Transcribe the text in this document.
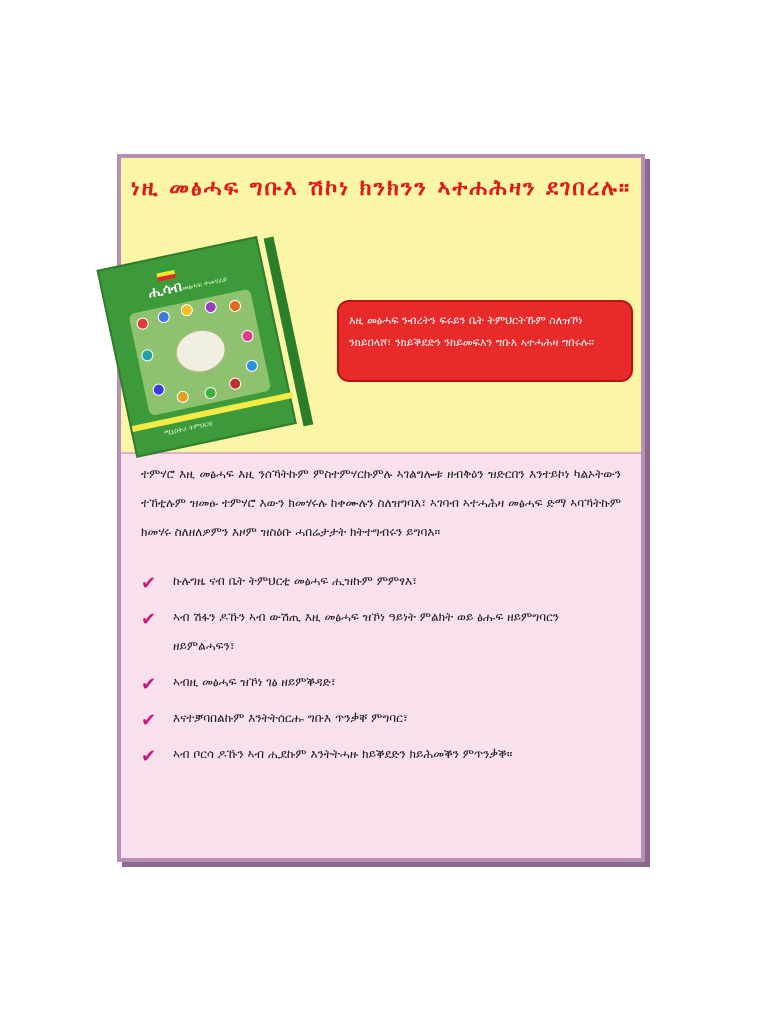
ነዚ መፅሓፍ ግቡእ ሽኮነ ክንክንን ኣተሐሕዛን ደገበረሉ።
ሒሳብ
መፅሓፍ ተመሃራይ
ሚኒስትሪ ትምህርቲ
እዚ መፅሓፍ ንብረትን ፍሩይን ቤት ትምህርትኹም ስለዝኾነ ንክይበላሾ፣ ንክይቕደድን ንክይመፍእን ግቡእ ኣተሓሕዛ ግበሩሉ።

ተምሃሮ እዚ መፅሓፍ እዚ ንሰኻትኩም ምስተምሃርኩምሉ ኣገልግሎቱ ዘብቅዕን ዝድርበን እንተይኮነ ካልኦትውን ተኸቲሉም ዝመፁ ተምሃሮ እውን ክመሃሩሉ ከቀሙሉን ስለዝግባእ፣ ኣገባብ ኣተሓሕዛ መፅሓፍ ድማ ኣባኻትኩም ክመሃሩ ስለዘለዎምን እዞም ዝስዕቡ ሓበሬታታት ክትተግብሩን ይግባእ።

✔ ኩሉግዜ ናብ ቤት ትምህርቲ መፅሓፍ ሒዝኩም ምምፃእ፣
✔ ኣብ ሽፋን ዶኹን ኣብ ውሽጢ እዚ መፅሓፍ ዝኾነ ዓይነት ምልክት ወይ ፅሑፍ ዘይምግባርን ዘይምልሓፍን፣
✔ ኣብዚ መፅሓፍ ዝኾነ ገፅ ዘይምቕዳድ፣
✔ እናተቓባበልኩም እንትትሰርሑ ግቡእ ጥንቃቐ ምግባር፣
✔ ኣብ ቦርሳ ዶኹን ኣብ ሒደኩም እንትትሓዙ ክይቕደድን ክይሕመቕን ምጥንቃቕ።
